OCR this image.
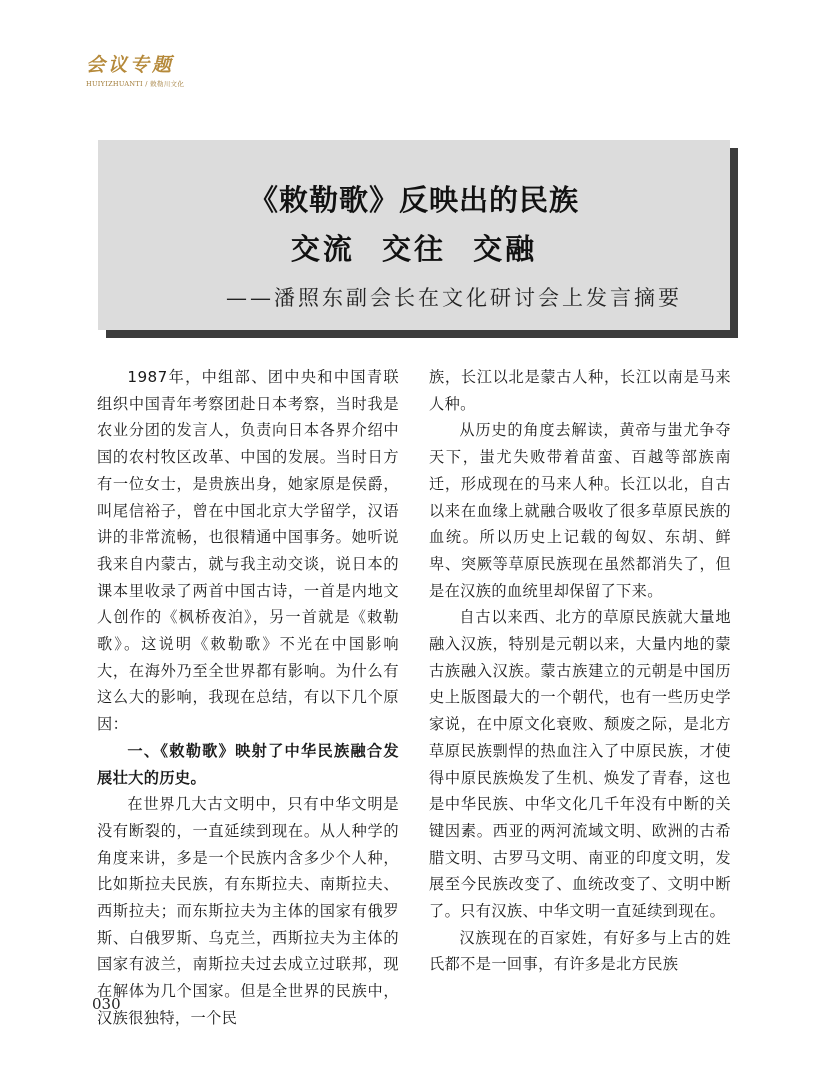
会议专题
HUIYIZHUANTI / 敕勒川文化
《敕勒歌》反映出的民族
交流 交往 交融
——潘照东副会长在文化研讨会上发言摘要

1987年，中组部、团中央和中国青联组织中国青年考察团赴日本考察，当时我是农业分团的发言人，负责向日本各界介绍中国的农村牧区改革、中国的发展。当时日方有一位女士，是贵族出身，她家原是侯爵，叫尾信裕子，曾在中国北京大学留学，汉语讲的非常流畅，也很精通中国事务。她听说我来自内蒙古，就与我主动交谈，说日本的课本里收录了两首中国古诗，一首是内地文人创作的《枫桥夜泊》，另一首就是《敕勒歌》。这说明《敕勒歌》不光在中国影响大，在海外乃至全世界都有影响。为什么有这么大的影响，我现在总结，有以下几个原因：

一、《敕勒歌》映射了中华民族融合发展壮大的历史。

在世界几大古文明中，只有中华文明是没有断裂的，一直延续到现在。从人种学的角度来讲，多是一个民族内含多少个人种，比如斯拉夫民族，有东斯拉夫、南斯拉夫、西斯拉夫；而东斯拉夫为主体的国家有俄罗斯、白俄罗斯、乌克兰，西斯拉夫为主体的国家有波兰，南斯拉夫过去成立过联邦，现在解体为几个国家。但是全世界的民族中，汉族很独特，一个民

族，长江以北是蒙古人种，长江以南是马来人种。

从历史的角度去解读，黄帝与蚩尤争夺天下，蚩尤失败带着苗蛮、百越等部族南迁，形成现在的马来人种。长江以北，自古以来在血缘上就融合吸收了很多草原民族的血统。所以历史上记载的匈奴、东胡、鲜卑、突厥等草原民族现在虽然都消失了，但是在汉族的血统里却保留了下来。

自古以来西、北方的草原民族就大量地融入汉族，特别是元朝以来，大量内地的蒙古族融入汉族。蒙古族建立的元朝是中国历史上版图最大的一个朝代，也有一些历史学家说，在中原文化衰败、颓废之际，是北方草原民族剽悍的热血注入了中原民族，才使得中原民族焕发了生机、焕发了青春，这也是中华民族、中华文化几千年没有中断的关键因素。西亚的两河流域文明、欧洲的古希腊文明、古罗马文明、南亚的印度文明，发展至今民族改变了、血统改变了、文明中断了。只有汉族、中华文明一直延续到现在。

汉族现在的百家姓，有好多与上古的姓氏都不是一回事，有许多是北方民族

030
